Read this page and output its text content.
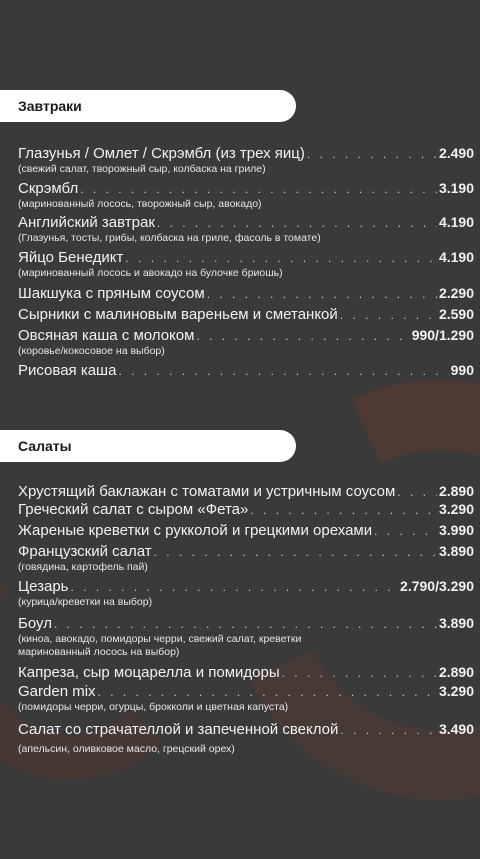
Завтраки
Глазунья / Омлет / Скрэмбл (из трех яиц) . . .	2.490
(свежий салат, творожный сыр, колбаска на гриле)
Скрэмбл . . .	3.190
(маринованный лосось, творожный сыр, авокадо)
Английский завтрак . . .	4.190
(Глазунья, тосты, грибы, колбаска на гриле, фасоль в томате)
Яйцо Бенедикт . . .	4.190
(маринованный лосось и авокадо на булочке бриошь)
Шакшука с пряным соусом . . .	2.290
Сырники с малиновым вареньем и сметанкой . . .	2.590
Овсяная каша с молоком . . .	990/1.290
(коровье/кокосовое на выбор)
Рисовая каша . . .	990
Салаты
Хрустящий баклажан с томатами и устричным соусом . . .	2.890
Греческий салат с сыром «Фета» . . .	3.290
Жареные креветки с рукколой и грецкими орехами . . .	3.990
Французский салат . . .	3.890
(говядина, картофель пай)
Цезарь . . .	2.790/3.290
(курица/креветки на выбор)
Боул . . .	3.890
(киноа, авокадо, помидоры черри, свежий салат, креветки маринованный лосось на выбор)
Капреза, сыр моцарелла и помидоры . . .	2.890
Garden mix . . .	3.290
(помидоры черри, огурцы, брокколи и цветная капуста)
Салат со страчателлой и запеченной свеклой . . .	3.490
(апельсин, оливковое масло, грецский орех)
